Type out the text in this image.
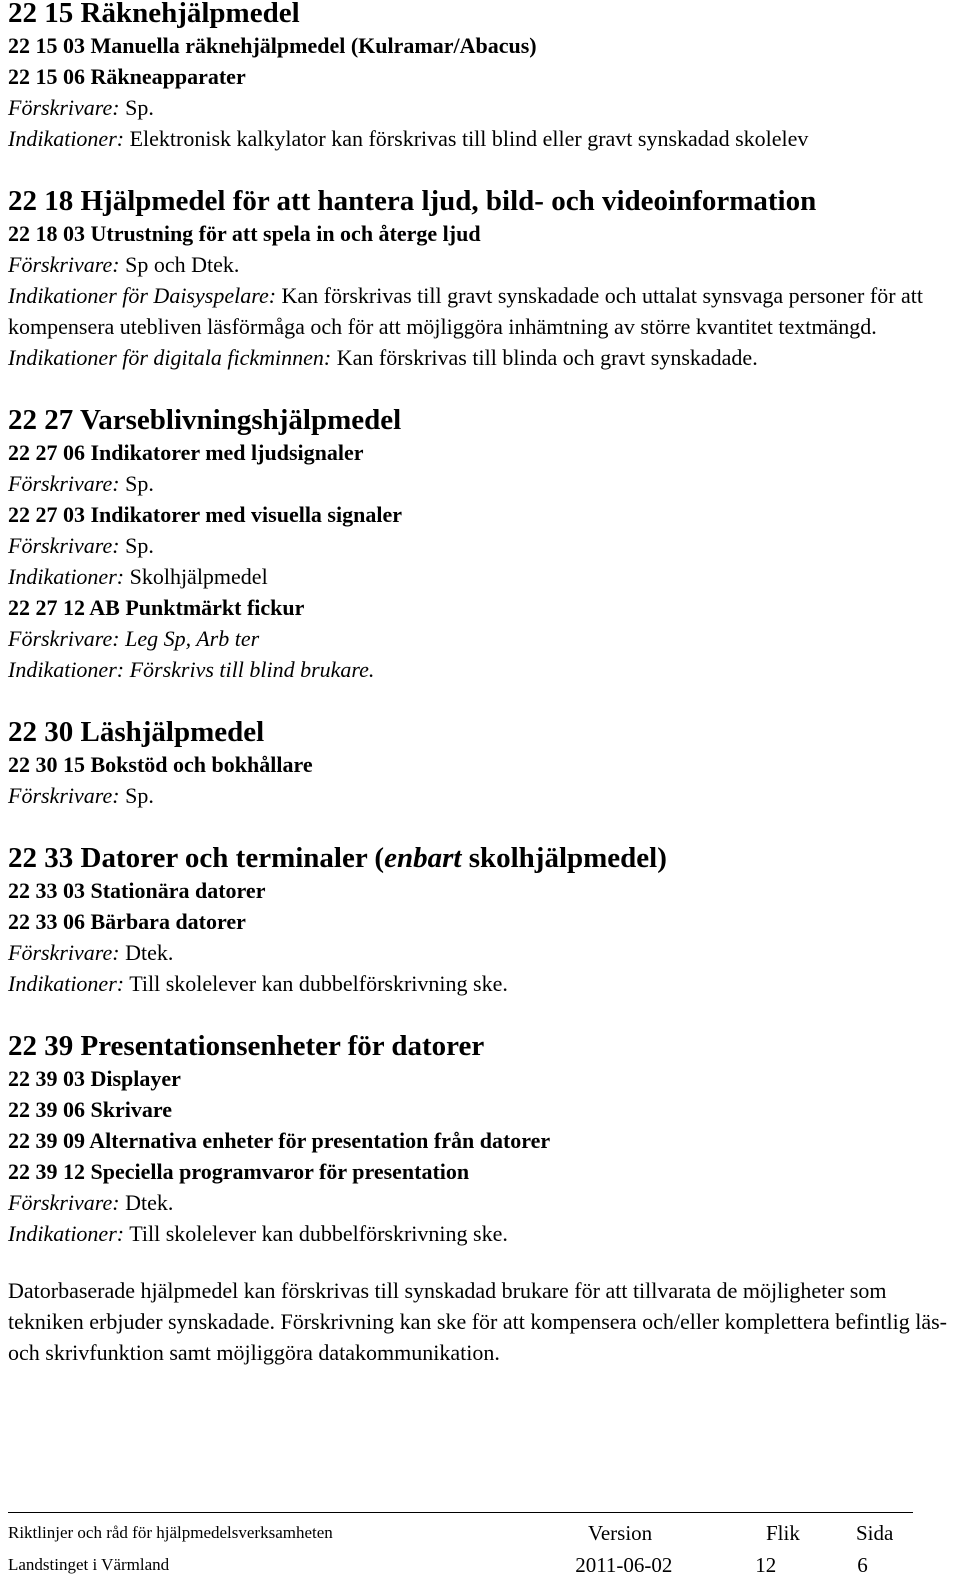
22 15 Räknehjälpmedel
22 15 03 Manuella räknehjälpmedel (Kulramar/Abacus)
22 15 06 Räkneapparater

Förskrivare: Sp.

Indikationer: Elektronisk kalkylator kan förskrivas till blind eller gravt synskadad skolelev

22 18 Hjälpmedel för att hantera ljud, bild- och videoinformation
22 18 03 Utrustning för att spela in och återge ljud

Förskrivare: Sp och Dtek.

Indikationer för Daisyspelare: Kan förskrivas till gravt synskadade och uttalat synsvaga personer för att kompensera utebliven läsförmåga och för att möjliggöra inhämtning av större kvantitet textmängd.

Indikationer för digitala fickminnen: Kan förskrivas till blinda och gravt synskadade.

22 27 Varseblivningshjälpmedel
22 27 06 Indikatorer med ljudsignaler

Förskrivare: Sp.

22 27 03 Indikatorer med visuella signaler

Förskrivare: Sp.

Indikationer: Skolhjälpmedel

22 27 12 AB Punktmärkt fickur

Förskrivare: Leg Sp, Arb ter

Indikationer: Förskrivs till blind brukare.

22 30 Läshjälpmedel
22 30 15 Bokstöd och bokhållare

Förskrivare: Sp.

22 33 Datorer och terminaler (enbart skolhjälpmedel)
22 33 03 Stationära datorer
22 33 06 Bärbara datorer

Förskrivare: Dtek.

Indikationer: Till skolelever kan dubbelförskrivning ske.

22 39 Presentationsenheter för datorer
22 39 03 Displayer
22 39 06 Skrivare
22 39 09 Alternativa enheter för presentation från datorer
22 39 12 Speciella programvaror för presentation

Förskrivare: Dtek.

Indikationer: Till skolelever kan dubbelförskrivning ske.

Datorbaserade hjälpmedel kan förskrivas till synskadad brukare för att tillvarata de möjligheter som tekniken erbjuder synskadade. Förskrivning kan ske för att kompensera och/eller komplettera befintlig läs- och skrivfunktion samt möjliggöra datakommunikation.

Riktlinjer och råd för hjälpmedelsverksamheten	Version	Flik	Sida
Landstinget i Värmland	2011-06-02	12	6
